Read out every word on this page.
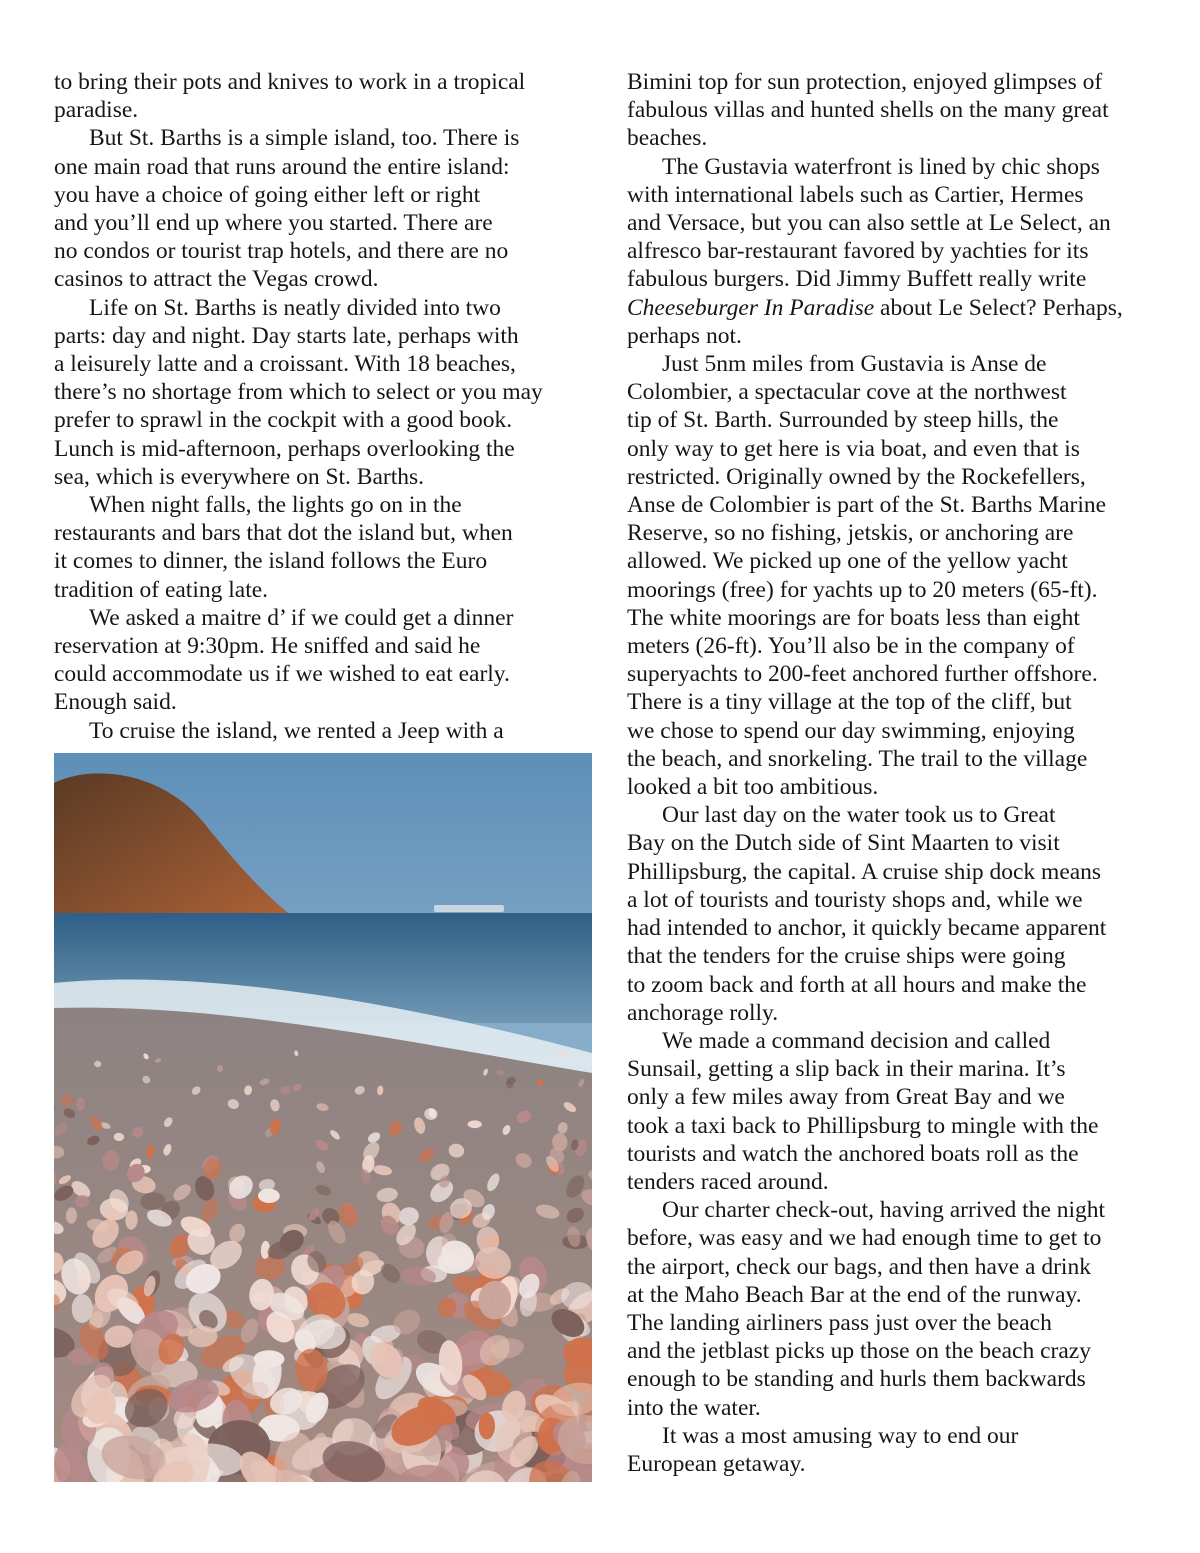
to bring their pots and knives to work in a tropical
paradise.
But St. Barths is a simple island, too. There is
one main road that runs around the entire island:
you have a choice of going either left or right
and you’ll end up where you started. There are
no condos or tourist trap hotels, and there are no
casinos to attract the Vegas crowd.
Life on St. Barths is neatly divided into two
parts: day and night. Day starts late, perhaps with
a leisurely latte and a croissant. With 18 beaches,
there’s no shortage from which to select or you may
prefer to sprawl in the cockpit with a good book.
Lunch is mid-afternoon, perhaps overlooking the
sea, which is everywhere on St. Barths.
When night falls, the lights go on in the
restaurants and bars that dot the island but, when
it comes to dinner, the island follows the Euro
tradition of eating late.
We asked a maitre d’ if we could get a dinner
reservation at 9:30pm. He sniffed and said he
could accommodate us if we wished to eat early.
Enough said.
To cruise the island, we rented a Jeep with a
Bimini top for sun protection, enjoyed glimpses of
fabulous villas and hunted shells on the many great
beaches.
The Gustavia waterfront is lined by chic shops
with international labels such as Cartier, Hermes
and Versace, but you can also settle at Le Select, an
alfresco bar-restaurant favored by yachties for its
fabulous burgers. Did Jimmy Buffett really write
Cheeseburger In Paradise about Le Select? Perhaps,
perhaps not.
Just 5nm miles from Gustavia is Anse de
Colombier, a spectacular cove at the northwest
tip of St. Barth. Surrounded by steep hills, the
only way to get here is via boat, and even that is
restricted. Originally owned by the Rockefellers,
Anse de Colombier is part of the St. Barths Marine
Reserve, so no fishing, jetskis, or anchoring are
allowed. We picked up one of the yellow yacht
moorings (free) for yachts up to 20 meters (65-ft).
The white moorings are for boats less than eight
meters (26-ft). You’ll also be in the company of
superyachts to 200-feet anchored further offshore.
There is a tiny village at the top of the cliff, but
we chose to spend our day swimming, enjoying
the beach, and snorkeling. The trail to the village
looked a bit too ambitious.
Our last day on the water took us to Great
Bay on the Dutch side of Sint Maarten to visit
Phillipsburg, the capital. A cruise ship dock means
a lot of tourists and touristy shops and, while we
had intended to anchor, it quickly became apparent
that the tenders for the cruise ships were going
to zoom back and forth at all hours and make the
anchorage rolly.
We made a command decision and called
Sunsail, getting a slip back in their marina. It’s
only a few miles away from Great Bay and we
took a taxi back to Phillipsburg to mingle with the
tourists and watch the anchored boats roll as the
tenders raced around.
Our charter check-out, having arrived the night
before, was easy and we had enough time to get to
the airport, check our bags, and then have a drink
at the Maho Beach Bar at the end of the runway.
The landing airliners pass just over the beach
and the jetblast picks up those on the beach crazy
enough to be standing and hurls them backwards
into the water.
It was a most amusing way to end our
European getaway.
